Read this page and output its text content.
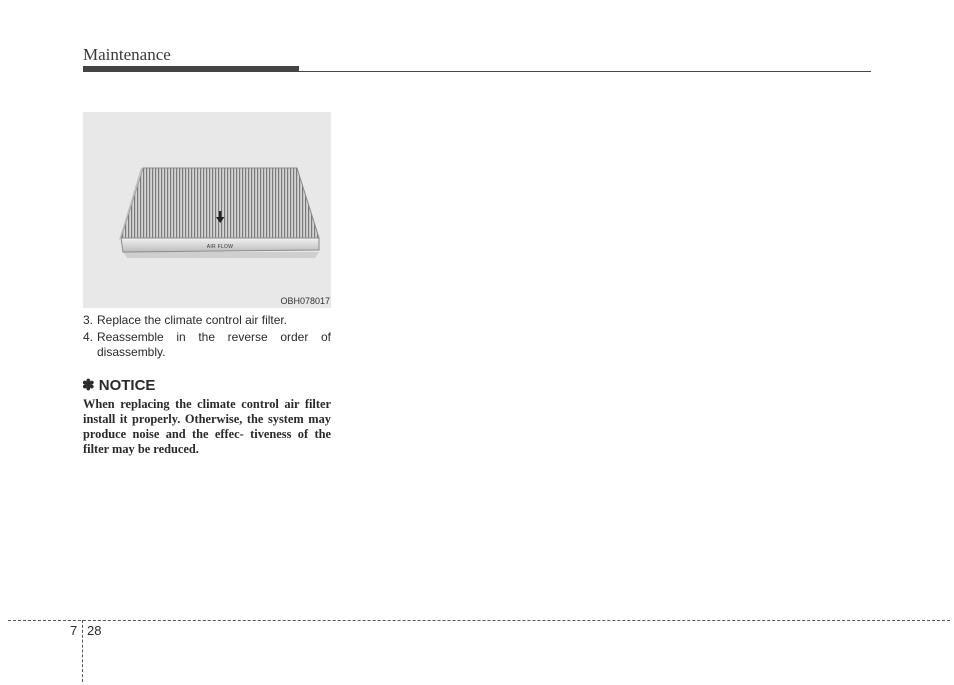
Maintenance
AIR FLOW
OBH078017
3. Replace the climate control air filter.
4. Reassemble in the reverse order of disassembly.
✽ NOTICE
When replacing the climate control air filter install it properly. Otherwise, the system may produce noise and the effec- tiveness of the filter may be reduced.
7 28
